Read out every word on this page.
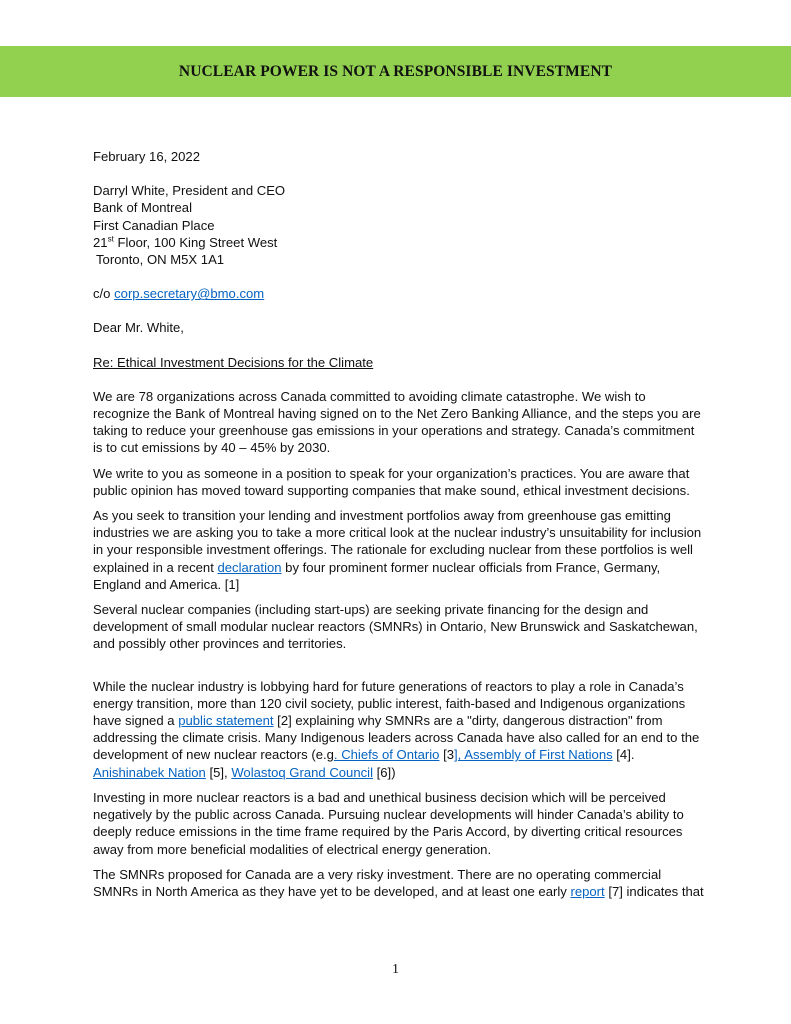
NUCLEAR POWER IS NOT A RESPONSIBLE INVESTMENT

February 16, 2022

Darryl White, President and CEO
Bank of Montreal
First Canadian Place
21st Floor, 100 King Street West
Toronto, ON M5X 1A1

c/o corp.secretary@bmo.com

Dear Mr. White,

Re: Ethical Investment Decisions for the Climate

We are 78 organizations across Canada committed to avoiding climate catastrophe. We wish to recognize the Bank of Montreal having signed on to the Net Zero Banking Alliance, and the steps you are taking to reduce your greenhouse gas emissions in your operations and strategy. Canada’s commitment is to cut emissions by 40 – 45% by 2030.

We write to you as someone in a position to speak for your organization’s practices. You are aware that public opinion has moved toward supporting companies that make sound, ethical investment decisions.

As you seek to transition your lending and investment portfolios away from greenhouse gas emitting industries we are asking you to take a more critical look at the nuclear industry’s unsuitability for inclusion in your responsible investment offerings. The rationale for excluding nuclear from these portfolios is well explained in a recent declaration by four prominent former nuclear officials from France, Germany, England and America. [1]

Several nuclear companies (including start-ups) are seeking private financing for the design and development of small modular nuclear reactors (SMNRs) in Ontario, New Brunswick and Saskatchewan, and possibly other provinces and territories.

While the nuclear industry is lobbying hard for future generations of reactors to play a role in Canada’s energy transition, more than 120 civil society, public interest, faith-based and Indigenous organizations have signed a public statement [2] explaining why SMNRs are a "dirty, dangerous distraction" from addressing the climate crisis. Many Indigenous leaders across Canada have also called for an end to the development of new nuclear reactors (e.g. Chiefs of Ontario [3], Assembly of First Nations [4]. Anishinabek Nation [5], Wolastoq Grand Council [6])

Investing in more nuclear reactors is a bad and unethical business decision which will be perceived negatively by the public across Canada. Pursuing nuclear developments will hinder Canada’s ability to deeply reduce emissions in the time frame required by the Paris Accord, by diverting critical resources away from more beneficial modalities of electrical energy generation.

The SMNRs proposed for Canada are a very risky investment. There are no operating commercial SMNRs in North America as they have yet to be developed, and at least one early report [7] indicates that

1
